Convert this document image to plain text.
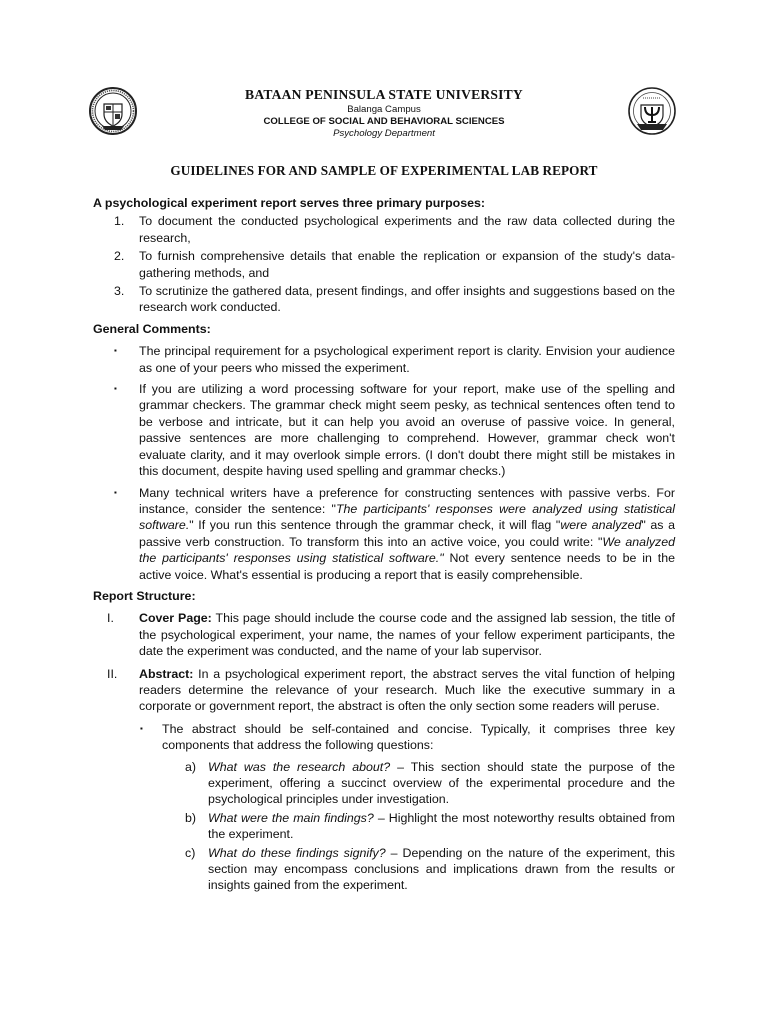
BATAAN PENINSULA STATE UNIVERSITY
Balanga Campus
COLLEGE OF SOCIAL AND BEHAVIORAL SCIENCES
Psychology Department
GUIDELINES FOR AND SAMPLE OF EXPERIMENTAL LAB REPORT

A psychological experiment report serves three primary purposes:

1. To document the conducted psychological experiments and the raw data collected during the research,
2. To furnish comprehensive details that enable the replication or expansion of the study's data-gathering methods, and
3. To scrutinize the gathered data, present findings, and offer insights and suggestions based on the research work conducted.

General Comments:

▪ The principal requirement for a psychological experiment report is clarity. Envision your audience as one of your peers who missed the experiment.
▪ If you are utilizing a word processing software for your report, make use of the spelling and grammar checkers. The grammar check might seem pesky, as technical sentences often tend to be verbose and intricate, but it can help you avoid an overuse of passive voice. In general, passive sentences are more challenging to comprehend. However, grammar check won't evaluate clarity, and it may overlook simple errors. (I don't doubt there might still be mistakes in this document, despite having used spelling and grammar checks.)
▪ Many technical writers have a preference for constructing sentences with passive verbs. For instance, consider the sentence: "The participants' responses were analyzed using statistical software." If you run this sentence through the grammar check, it will flag "were analyzed" as a passive verb construction. To transform this into an active voice, you could write: "We analyzed the participants' responses using statistical software." Not every sentence needs to be in the active voice. What's essential is producing a report that is easily comprehensible.

Report Structure:

I. Cover Page: This page should include the course code and the assigned lab session, the title of the psychological experiment, your name, the names of your fellow experiment participants, the date the experiment was conducted, and the name of your lab supervisor.
II. Abstract: In a psychological experiment report, the abstract serves the vital function of helping readers determine the relevance of your research. Much like the executive summary in a corporate or government report, the abstract is often the only section some readers will peruse.
▪ The abstract should be self-contained and concise. Typically, it comprises three key components that address the following questions:
a) What was the research about? – This section should state the purpose of the experiment, offering a succinct overview of the experimental procedure and the psychological principles under investigation.
b) What were the main findings? – Highlight the most noteworthy results obtained from the experiment.
c) What do these findings signify? – Depending on the nature of the experiment, this section may encompass conclusions and implications drawn from the results or insights gained from the experiment.
